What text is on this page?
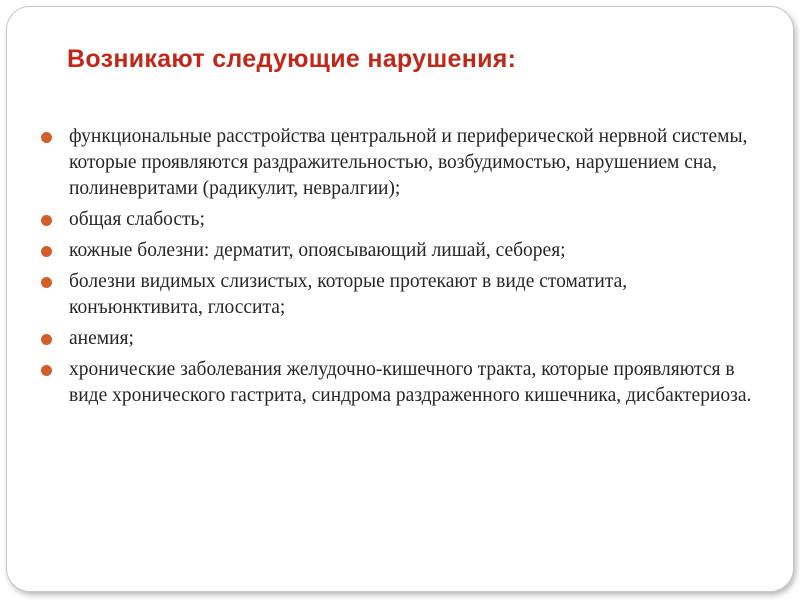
Возникают следующие нарушения:
функциональные расстройства центральной и периферической нервной системы, которые проявляются раздражительностью, возбудимостью, нарушением сна, полиневритами (радикулит, невралгии);
общая слабость;
кожные болезни: дерматит, опоясывающий лишай, себорея;
болезни видимых слизистых, которые протекают в виде стоматита, конъюнктивита, глоссита;
анемия;
хронические заболевания желудочно-кишечного тракта, которые проявляются в виде хронического гастрита, синдрома раздраженного кишечника, дисбактериоза.
